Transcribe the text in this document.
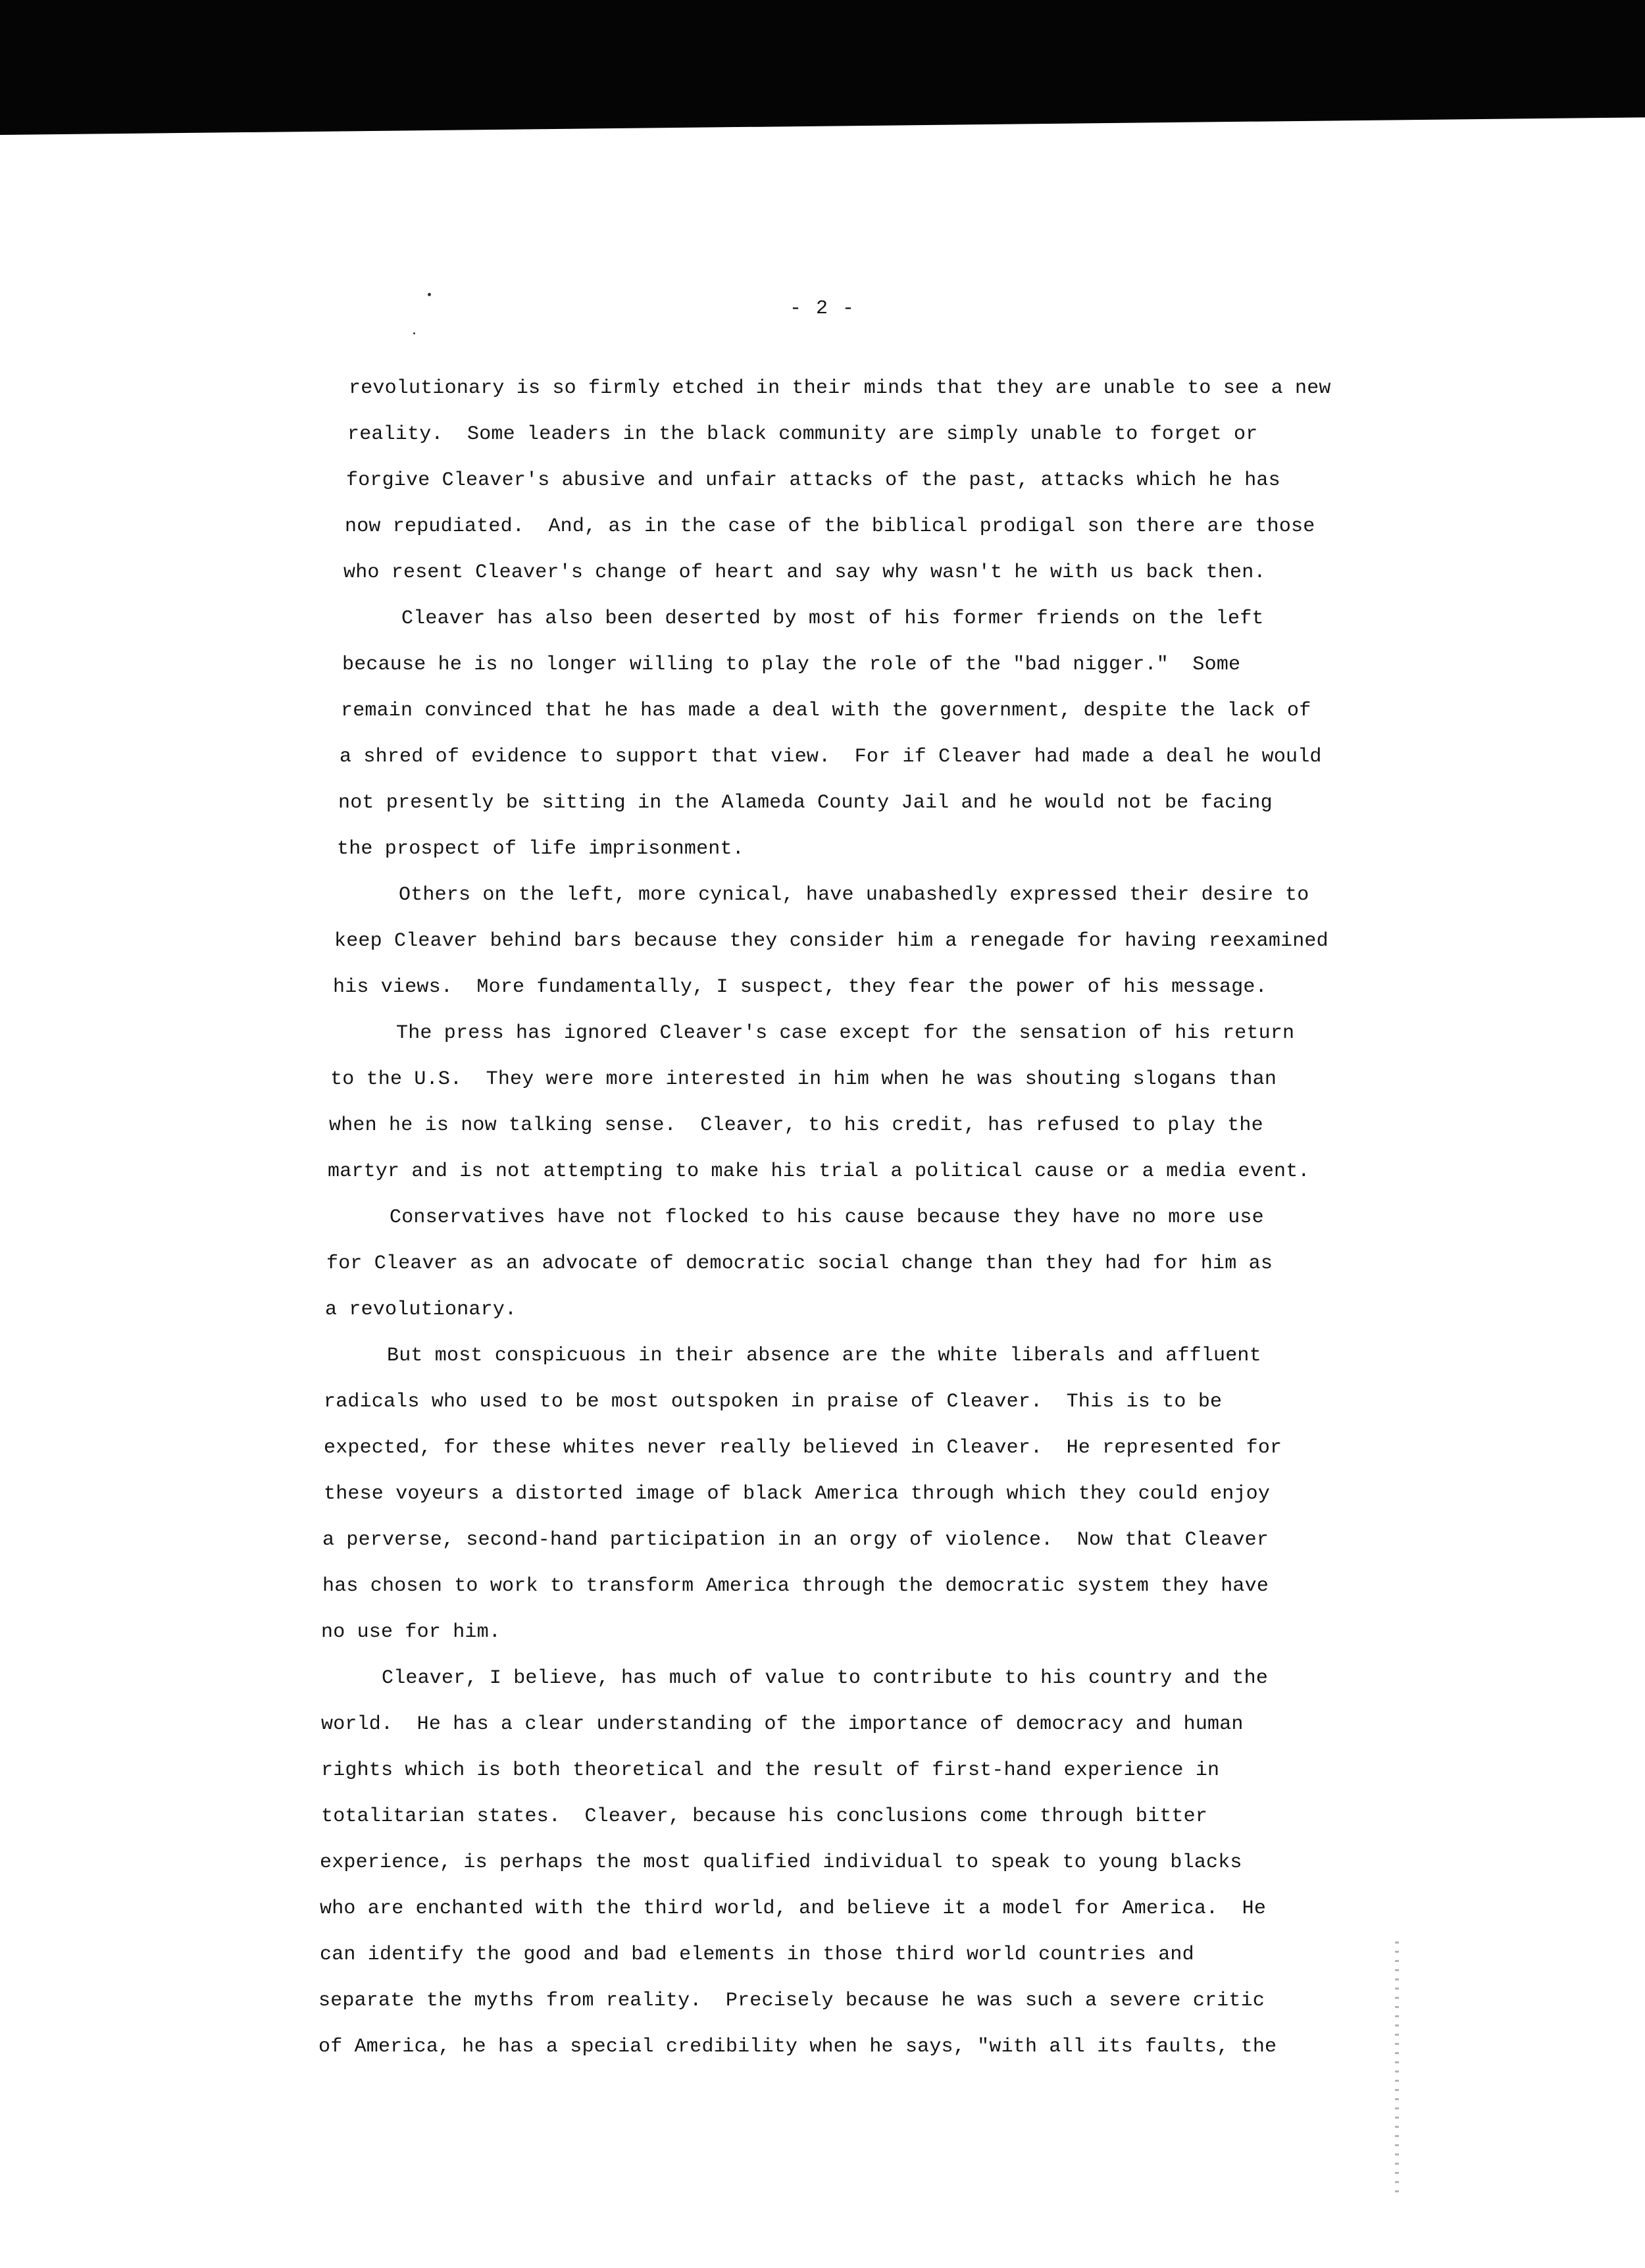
- 2 -
revolutionary is so firmly etched in their minds that they are unable to see a new
reality.  Some leaders in the black community are simply unable to forget or
forgive Cleaver's abusive and unfair attacks of the past, attacks which he has
now repudiated.  And, as in the case of the biblical prodigal son there are those
who resent Cleaver's change of heart and say why wasn't he with us back then.
Cleaver has also been deserted by most of his former friends on the left
because he is no longer willing to play the role of the "bad nigger."  Some
remain convinced that he has made a deal with the government, despite the lack of
a shred of evidence to support that view.  For if Cleaver had made a deal he would
not presently be sitting in the Alameda County Jail and he would not be facing
the prospect of life imprisonment.
Others on the left, more cynical, have unabashedly expressed their desire to
keep Cleaver behind bars because they consider him a renegade for having reexamined
his views.  More fundamentally, I suspect, they fear the power of his message.
The press has ignored Cleaver's case except for the sensation of his return
to the U.S.  They were more interested in him when he was shouting slogans than
when he is now talking sense.  Cleaver, to his credit, has refused to play the
martyr and is not attempting to make his trial a political cause or a media event.
Conservatives have not flocked to his cause because they have no more use
for Cleaver as an advocate of democratic social change than they had for him as
a revolutionary.
But most conspicuous in their absence are the white liberals and affluent
radicals who used to be most outspoken in praise of Cleaver.  This is to be
expected, for these whites never really believed in Cleaver.  He represented for
these voyeurs a distorted image of black America through which they could enjoy
a perverse, second-hand participation in an orgy of violence.  Now that Cleaver
has chosen to work to transform America through the democratic system they have
no use for him.
Cleaver, I believe, has much of value to contribute to his country and the
world.  He has a clear understanding of the importance of democracy and human
rights which is both theoretical and the result of first-hand experience in
totalitarian states.  Cleaver, because his conclusions come through bitter
experience, is perhaps the most qualified individual to speak to young blacks
who are enchanted with the third world, and believe it a model for America.  He
can identify the good and bad elements in those third world countries and
separate the myths from reality.  Precisely because he was such a severe critic
of America, he has a special credibility when he says, "with all its faults, the
